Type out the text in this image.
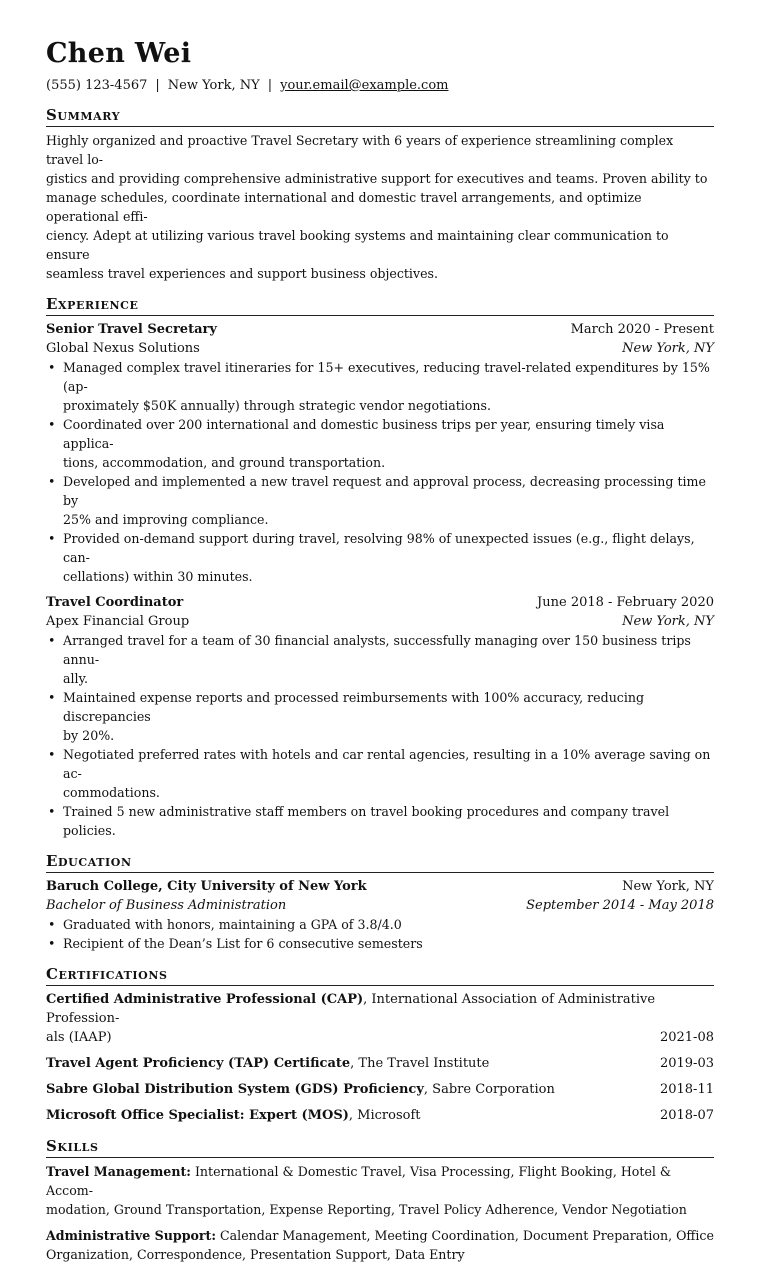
Chen Wei
(555) 123-4567 | New York, NY | your.email@example.com
Summary

Highly organized and proactive Travel Secretary with 6 years of experience streamlining complex travel lo-
gistics and providing comprehensive administrative support for executives and teams. Proven ability to
manage schedules, coordinate international and domestic travel arrangements, and optimize operational effi-
ciency. Adept at utilizing various travel booking systems and maintaining clear communication to ensure
seamless travel experiences and support business objectives.

Experience
Senior Travel Secretary	March 2020 - Present
Global Nexus Solutions	New York, NY
• Managed complex travel itineraries for 15+ executives, reducing travel-related expenditures by 15% (ap-
proximately $50K annually) through strategic vendor negotiations.
• Coordinated over 200 international and domestic business trips per year, ensuring timely visa applica-
tions, accommodation, and ground transportation.
• Developed and implemented a new travel request and approval process, decreasing processing time by
25% and improving compliance.
• Provided on-demand support during travel, resolving 98% of unexpected issues (e.g., flight delays, can-
cellations) within 30 minutes.
Travel Coordinator	June 2018 - February 2020
Apex Financial Group	New York, NY
• Arranged travel for a team of 30 financial analysts, successfully managing over 150 business trips annu-
ally.
• Maintained expense reports and processed reimbursements with 100% accuracy, reducing discrepancies
by 20%.
• Negotiated preferred rates with hotels and car rental agencies, resulting in a 10% average saving on ac-
commodations.
• Trained 5 new administrative staff members on travel booking procedures and company travel policies.
Education
Baruch College, City University of New York	New York, NY
Bachelor of Business Administration	September 2014 - May 2018
• Graduated with honors, maintaining a GPA of 3.8/4.0
• Recipient of the Dean’s List for 6 consecutive semesters
Certifications
Certified Administrative Professional (CAP), International Association of Administrative Profession-
als (IAAP)	2021-08
Travel Agent Proficiency (TAP) Certificate, The Travel Institute	2019-03
Sabre Global Distribution System (GDS) Proficiency, Sabre Corporation	2018-11
Microsoft Office Specialist: Expert (MOS), Microsoft	2018-07
Skills
Travel Management: International & Domestic Travel, Visa Processing, Flight Booking, Hotel & Accom-
modation, Ground Transportation, Expense Reporting, Travel Policy Adherence, Vendor Negotiation
Administrative Support: Calendar Management, Meeting Coordination, Document Preparation, Office
Organization, Correspondence, Presentation Support, Data Entry
